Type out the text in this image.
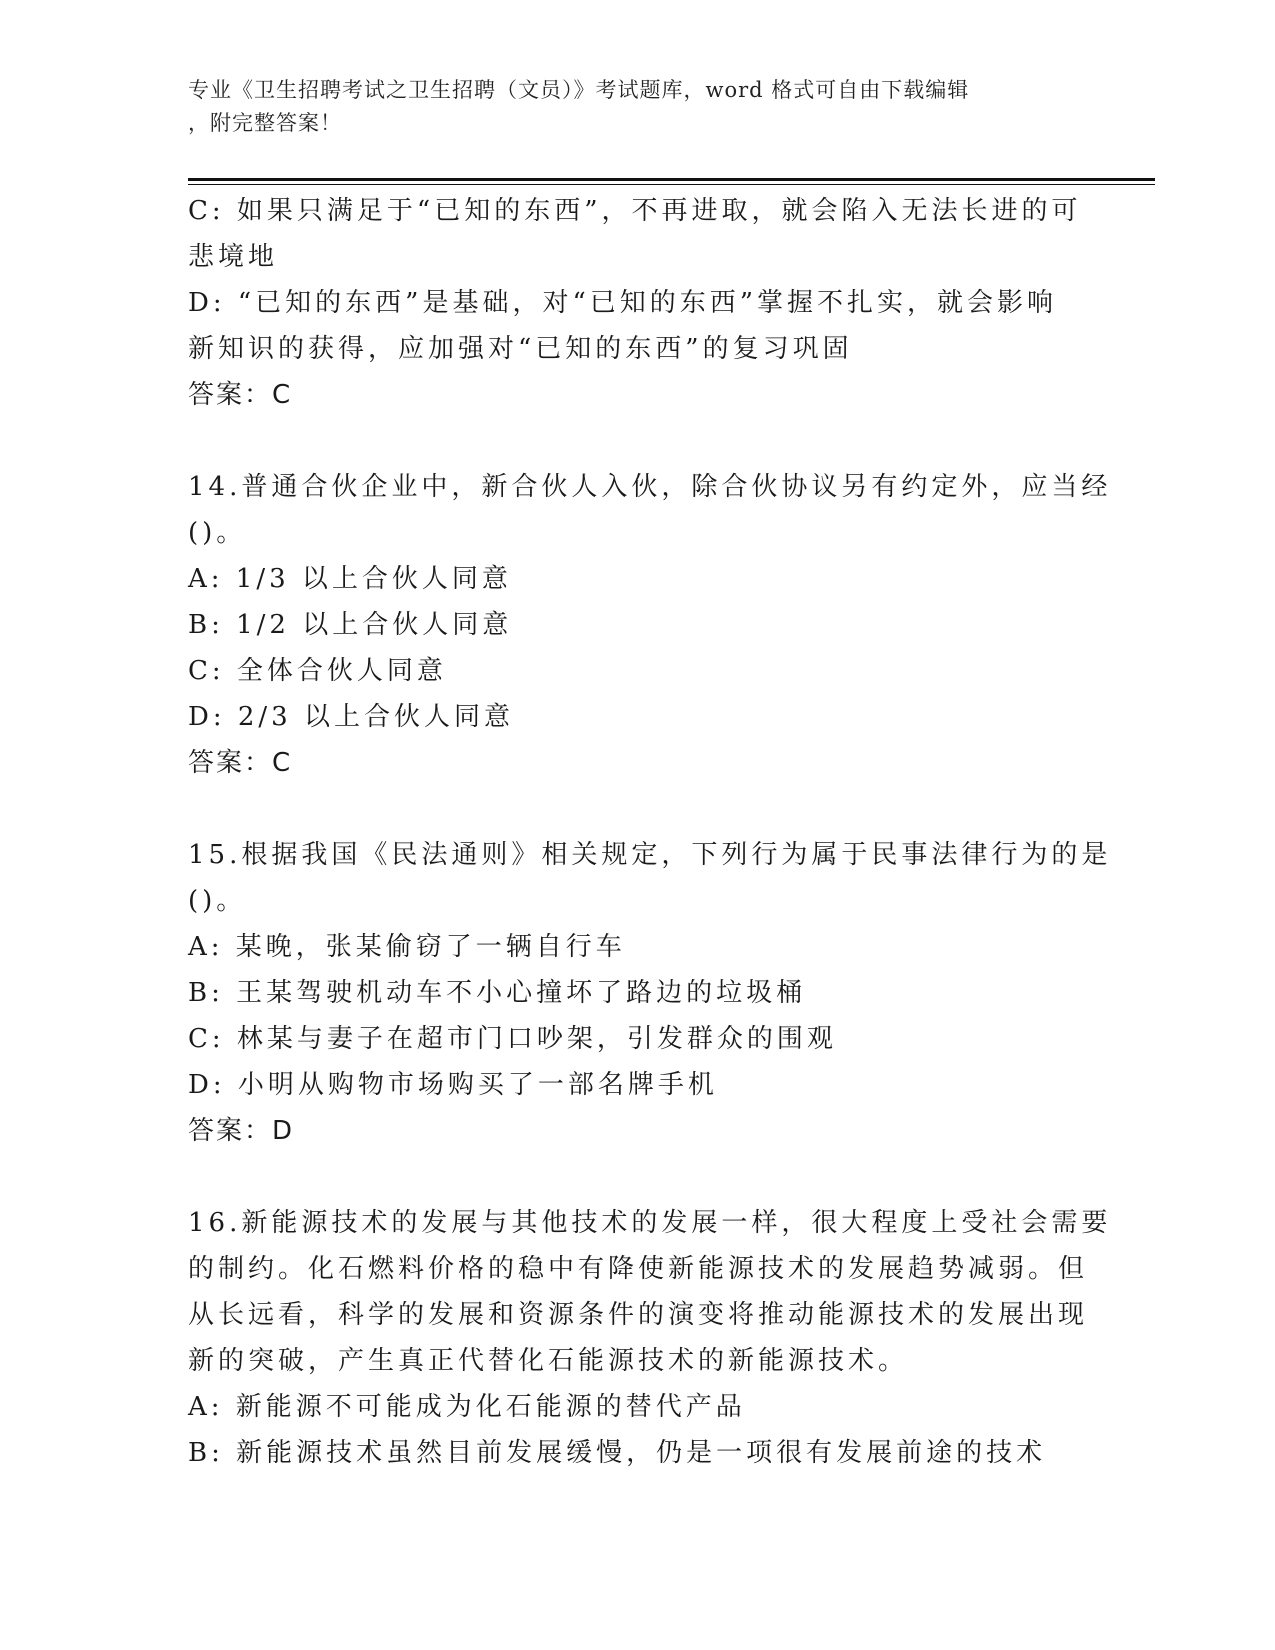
专业《卫生招聘考试之卫生招聘（文员）》考试题库，word 格式可自由下载编辑
，附完整答案！
C: 如果只满足于“已知的东西”，不再进取，就会陷入无法长进的可
悲境地
D: “已知的东西”是基础，对“已知的东西”掌握不扎实，就会影响
新知识的获得，应加强对“已知的东西”的复习巩固
答案：C
14.普通合伙企业中，新合伙人入伙，除合伙协议另有约定外，应当经
()。
A: 1/3 以上合伙人同意
B: 1/2 以上合伙人同意
C: 全体合伙人同意
D: 2/3 以上合伙人同意
答案：C
15.根据我国《民法通则》相关规定，下列行为属于民事法律行为的是
()。
A: 某晚，张某偷窃了一辆自行车
B: 王某驾驶机动车不小心撞坏了路边的垃圾桶
C: 林某与妻子在超市门口吵架，引发群众的围观
D: 小明从购物市场购买了一部名牌手机
答案：D
16.新能源技术的发展与其他技术的发展一样，很大程度上受社会需要
的制约。化石燃料价格的稳中有降使新能源技术的发展趋势减弱。但
从长远看，科学的发展和资源条件的演变将推动能源技术的发展出现
新的突破，产生真正代替化石能源技术的新能源技术。
A: 新能源不可能成为化石能源的替代产品
B: 新能源技术虽然目前发展缓慢，仍是一项很有发展前途的技术
